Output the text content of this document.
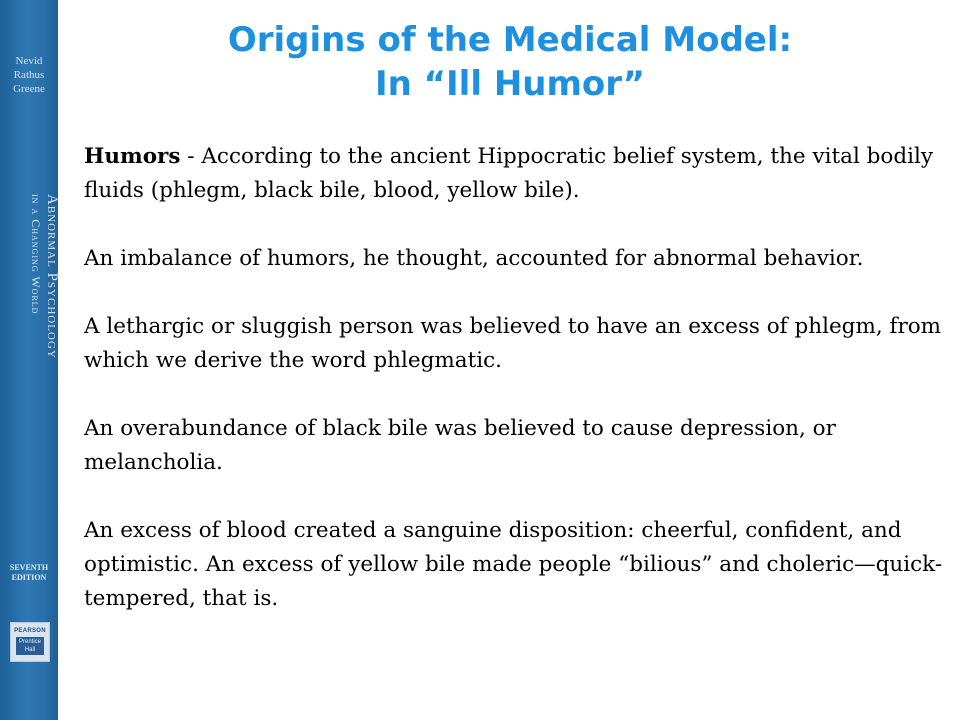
Nevid
Rathus
Greene
Abnormal Psychology
in a Changing World
SEVENTH
EDITION
PEARSON
Prentice
Hall
Origins of the Medical Model:
In “Ill Humor”

Humors - According to the ancient Hippocratic belief system, the vital bodily fluids (phlegm, black bile, blood, yellow bile).

An imbalance of humors, he thought, accounted for abnormal behavior.

A lethargic or sluggish person was believed to have an excess of phlegm, from which we derive the word phlegmatic.

An overabundance of black bile was believed to cause depression, or melancholia.

An excess of blood created a sanguine disposition: cheerful, confident, and optimistic. An excess of yellow bile made people “bilious” and choleric—quick-tempered, that is.
